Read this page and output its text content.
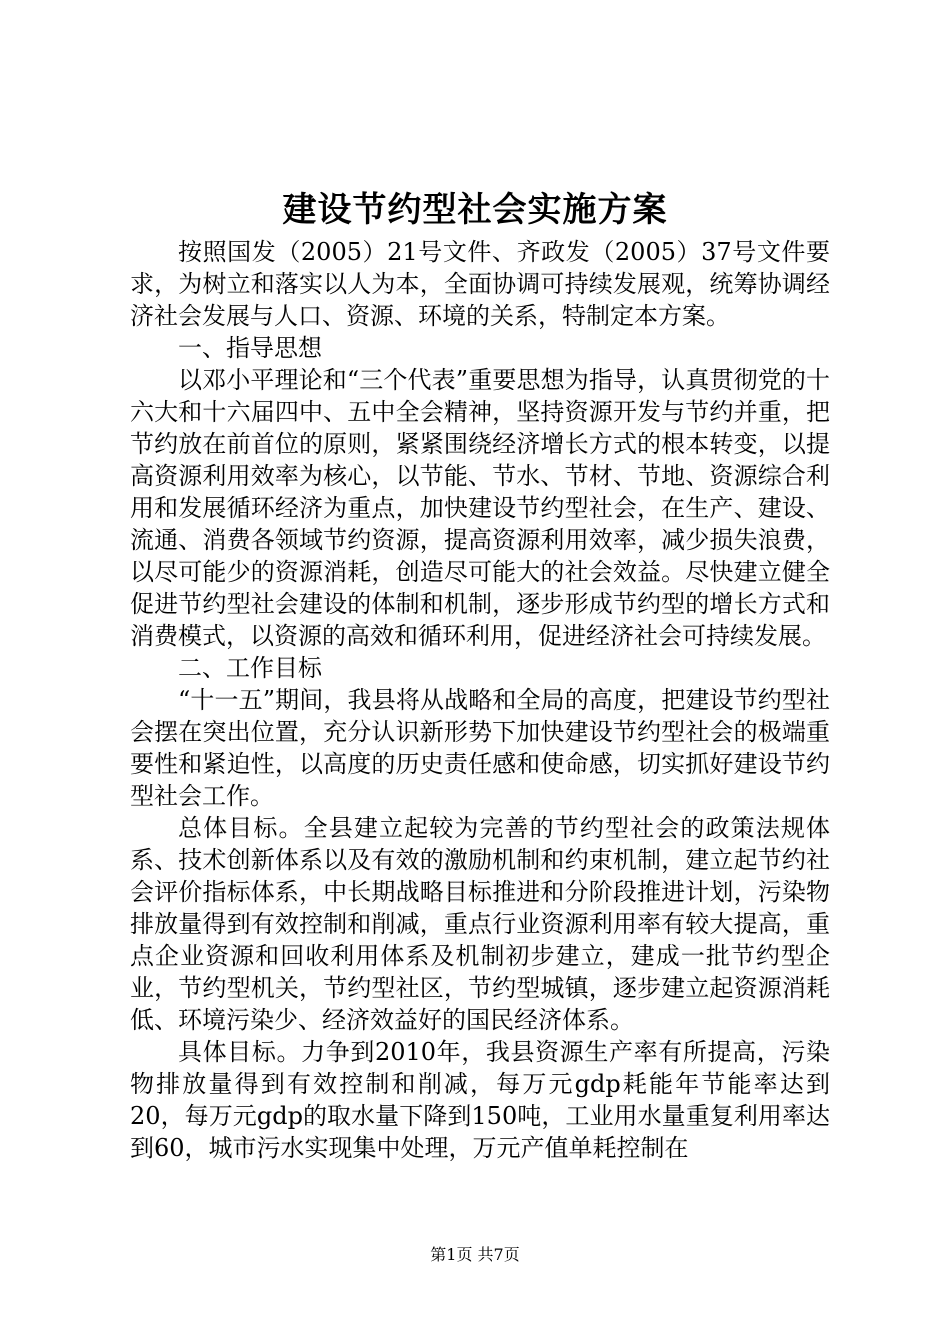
建设节约型社会实施方案

按照国发（2005）21号文件、齐政发（2005）37号文件要求，为树立和落实以人为本，全面协调可持续发展观，统筹协调经济社会发展与人口、资源、环境的关系，特制定本方案。

一、指导思想

以邓小平理论和“三个代表”重要思想为指导，认真贯彻党的十六大和十六届四中、五中全会精神，坚持资源开发与节约并重，把节约放在前首位的原则，紧紧围绕经济增长方式的根本转变，以提高资源利用效率为核心，以节能、节水、节材、节地、资源综合利用和发展循环经济为重点，加快建设节约型社会，在生产、建设、流通、消费各领域节约资源，提高资源利用效率，减少损失浪费，以尽可能少的资源消耗，创造尽可能大的社会效益。尽快建立健全促进节约型社会建设的体制和机制，逐步形成节约型的增长方式和消费模式，以资源的高效和循环利用，促进经济社会可持续发展。

二、工作目标

“十一五”期间，我县将从战略和全局的高度，把建设节约型社会摆在突出位置，充分认识新形势下加快建设节约型社会的极端重要性和紧迫性，以高度的历史责任感和使命感，切实抓好建设节约型社会工作。

总体目标。全县建立起较为完善的节约型社会的政策法规体系、技术创新体系以及有效的激励机制和约束机制，建立起节约社会评价指标体系，中长期战略目标推进和分阶段推进计划，污染物排放量得到有效控制和削减，重点行业资源利用率有较大提高，重点企业资源和回收利用体系及机制初步建立，建成一批节约型企业，节约型机关，节约型社区，节约型城镇，逐步建立起资源消耗低、环境污染少、经济效益好的国民经济体系。

具体目标。力争到2010年，我县资源生产率有所提高，污染物排放量得到有效控制和削减，每万元gdp耗能年节能率达到20，每万元gdp的取水量下降到150吨，工业用水量重复利用率达到60，城市污水实现集中处理，万元产值单耗控制在

第1页 共7页
